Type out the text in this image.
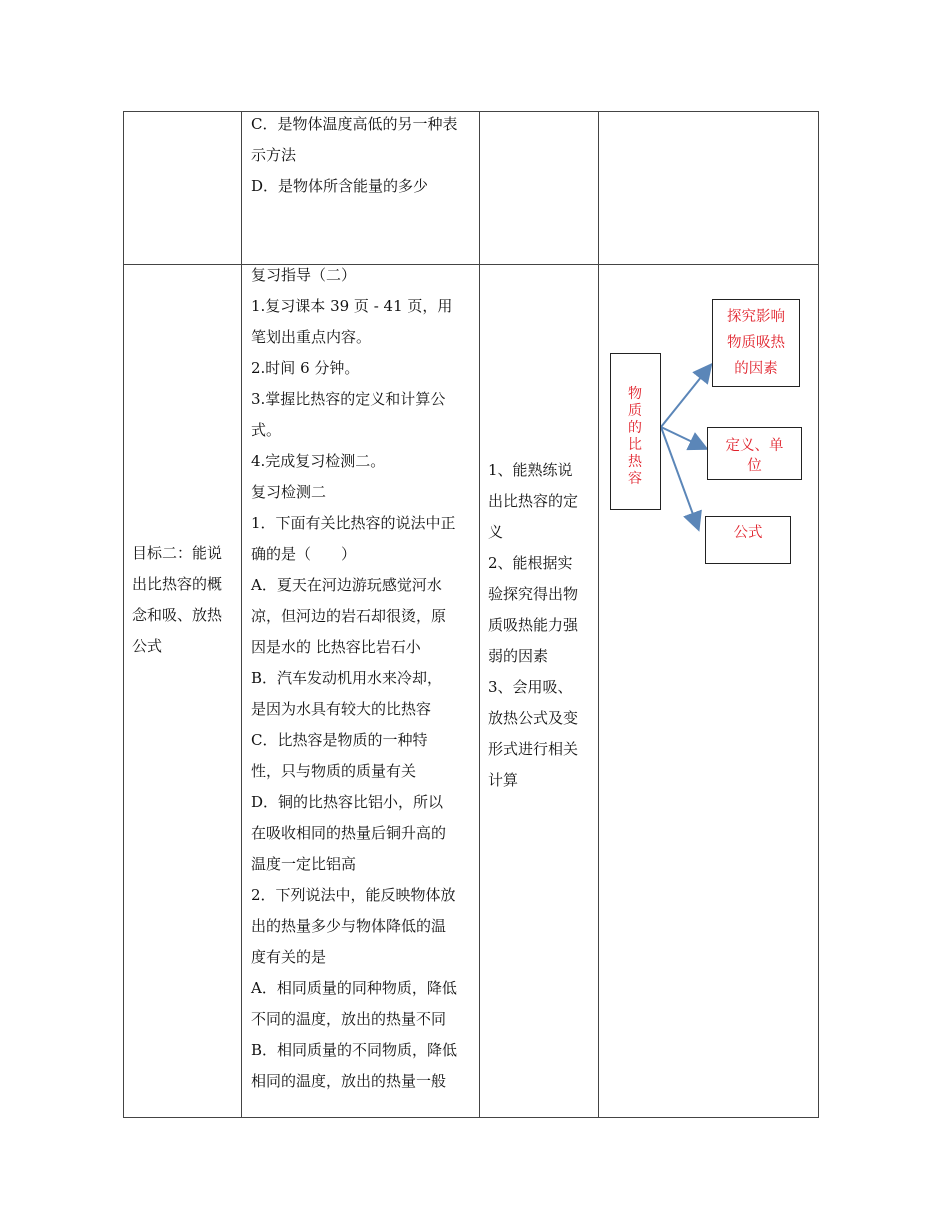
C．是物体温度高低的另一种表
示方法
D．是物体所含能量的多少
目标二：能说
出比热容的概
念和吸、放热
公式
复习指导（二）
1.复习课本 39 页 - 41 页，用
笔划出重点内容。
2.时间 6 分钟。
3.掌握比热容的定义和计算公
式。
4.完成复习检测二。
复习检测二
1．下面有关比热容的说法中正
确的是（　　）
A．夏天在河边游玩感觉河水
凉，但河边的岩石却很烫，原
因是水的 比热容比岩石小
B．汽车发动机用水来冷却，
是因为水具有较大的比热容
C．比热容是物质的一种特
性，只与物质的质量有关
D．铜的比热容比铝小，所以
在吸收相同的热量后铜升高的
温度一定比铝高
2．下列说法中，能反映物体放
出的热量多少与物体降低的温
度有关的是
A．相同质量的同种物质，降低
不同的温度，放出的热量不同
B．相同质量的不同物质，降低
相同的温度，放出的热量一般
1、能熟练说
出比热容的定
义
2、能根据实
验探究得出物
质吸热能力强
弱的因素
3、会用吸、
放热公式及变
形式进行相关
计算
物
质
的
比
热
容
探究影响
物质吸热
的因素
定义、单
位
公式
